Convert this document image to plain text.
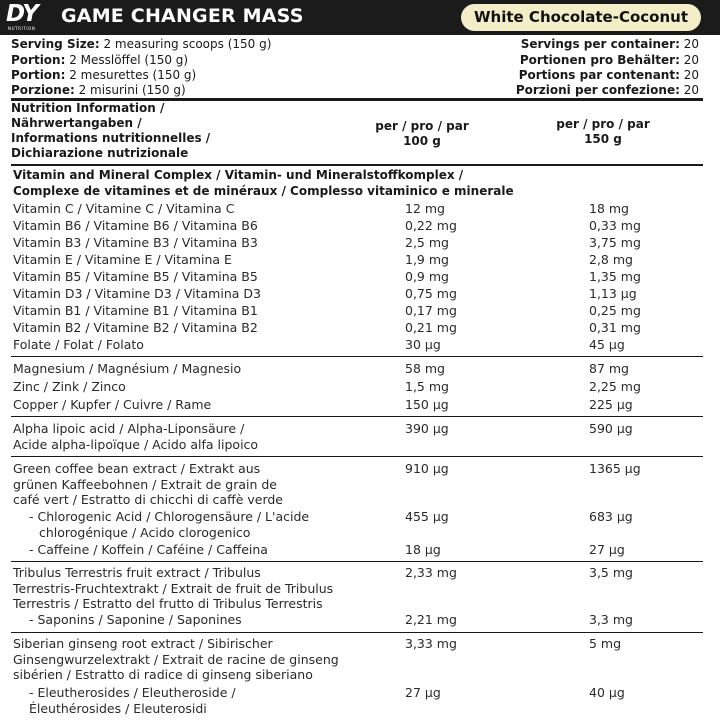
DY
NUTRITION
GAME CHANGER MASS	White Chocolate-Coconut
Serving Size: 2 measuring scoops (150 g)	Servings per container: 20
Portion: 2 Messlöffel (150 g)	Portionen pro Behälter: 20
Portion: 2 mesurettes (150 g)	Portions par contenant: 20
Porzione: 2 misurini (150 g)	Porzioni per confezione: 20
Nutrition Information /
Nährwertangaben /
Informations nutritionnelles /
Dichiarazione nutrizionale
per / pro / par
100 g
per / pro / par
150 g
Vitamin and Mineral Complex / Vitamin- und Mineralstoffkomplex /
Complexe de vitamines et de minéraux / Complesso vitaminico e minerale
Vitamin C / Vitamine C / Vitamina C	12 mg	18 mg
Vitamin B6 / Vitamine B6 / Vitamina B6	0,22 mg	0,33 mg
Vitamin B3 / Vitamine B3 / Vitamina B3	2,5 mg	3,75 mg
Vitamin E / Vitamine E / Vitamina E	1,9 mg	2,8 mg
Vitamin B5 / Vitamine B5 / Vitamina B5	0,9 mg	1,35 mg
Vitamin D3 / Vitamine D3 / Vitamina D3	0,75 mg	1,13 µg
Vitamin B1 / Vitamine B1 / Vitamina B1	0,17 mg	0,25 mg
Vitamin B2 / Vitamine B2 / Vitamina B2	0,21 mg	0,31 mg
Folate / Folat / Folato	30 µg	45 µg
Magnesium / Magnésium / Magnesio	58 mg	87 mg
Zinc / Zink / Zinco	1,5 mg	2,25 mg
Copper / Kupfer / Cuivre / Rame	150 µg	225 µg
Alpha lipoic acid / Alpha-Liponsäure /
Acide alpha-lipoïque / Acido alfa lipoico
390 µg	590 µg
Green coffee bean extract / Extrakt aus
grünen Kaffeebohnen / Extrait de grain de
café vert / Estratto di chicchi di caffè verde
910 µg	1365 µg
- Chlorogenic Acid / Chlorogensäure / L'acide
chlorogénique / Acido clorogenico
455 µg	683 µg
- Caffeine / Koffein / Caféine / Caffeina	18 µg	27 µg
Tribulus Terrestris fruit extract / Tribulus
Terrestris-Fruchtextrakt / Extrait de fruit de Tribulus
Terrestris / Estratto del frutto di Tribulus Terrestris
2,33 mg	3,5 mg
- Saponins / Saponine / Saponines	2,21 mg	3,3 mg
Siberian ginseng root extract / Sibirischer
Ginsengwurzelextrakt / Extrait de racine de ginseng
sibérien / Estratto di radice di ginseng siberiano
3,33 mg	5 mg
- Eleutherosides / Eleutheroside /
Éleuthérosides / Eleuterosidi
27 µg	40 µg
